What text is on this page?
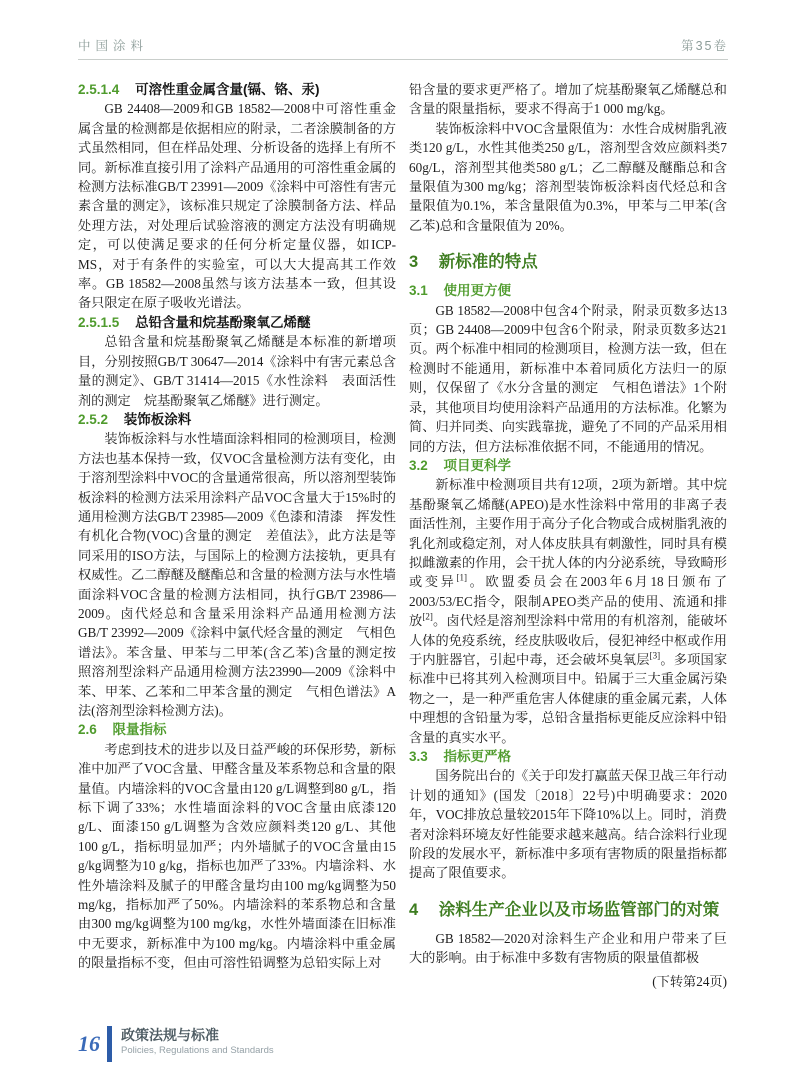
中国涂料	第35卷
2.5.1.4 可溶性重金属含量(镉、铬、汞)

GB 24408—2009和GB 18582—2008中可溶性重金属含量的检测都是依据相应的附录，二者涂膜制备的方式虽然相同，但在样品处理、分析设备的选择上有所不同。新标准直接引用了涂料产品通用的可溶性重金属的检测方法标准GB/T 23991—2009《涂料中可溶性有害元素含量的测定》，该标准只规定了涂膜制备方法、样品处理方法，对处理后试验溶液的测定方法没有明确规定，可以使满足要求的任何分析定量仪器，如ICP-MS，对于有条件的实验室，可以大大提高其工作效率。GB 18582—2008虽然与该方法基本一致，但其设备只限定在原子吸收光谱法。

2.5.1.5 总铅含量和烷基酚聚氧乙烯醚

总铅含量和烷基酚聚氧乙烯醚是本标准的新增项目，分别按照GB/T 30647—2014《涂料中有害元素总含量的测定》、GB/T 31414—2015《水性涂料　表面活性剂的测定　烷基酚聚氧乙烯醚》进行测定。

2.5.2 装饰板涂料

装饰板涂料与水性墙面涂料相同的检测项目，检测方法也基本保持一致，仅VOC含量检测方法有变化，由于溶剂型涂料中VOC的含量通常很高，所以溶剂型装饰板涂料的检测方法采用涂料产品VOC含量大于15%时的通用检测方法GB/T 23985—2009《色漆和清漆　挥发性有机化合物(VOC)含量的测定　差值法》，此方法是等同采用的ISO方法，与国际上的检测方法接轨，更具有权威性。乙二醇醚及醚酯总和含量的检测方法与水性墙面涂料VOC含量的检测方法相同，执行GB/T 23986—2009。卤代烃总和含量采用涂料产品通用检测方法GB/T 23992—2009《涂料中氯代烃含量的测定　气相色谱法》。苯含量、甲苯与二甲苯(含乙苯)含量的测定按照溶剂型涂料产品通用检测方法23990—2009《涂料中苯、甲苯、乙苯和二甲苯含量的测定　气相色谱法》A法(溶剂型涂料检测方法)。

2.6 限量指标

考虑到技术的进步以及日益严峻的环保形势，新标准中加严了VOC含量、甲醛含量及苯系物总和含量的限量值。内墙涂料的VOC含量由120 g/L调整到80 g/L，指标下调了33%；水性墙面涂料的VOC含量由底漆120 g/L、面漆150 g/L调整为含效应颜料类120 g/L、其他100 g/L，指标明显加严；内外墙腻子的VOC含量由15 g/kg调整为10 g/kg，指标也加严了33%。内墙涂料、水性外墙涂料及腻子的甲醛含量均由100 mg/kg调整为50 mg/kg，指标加严了50%。内墙涂料的苯系物总和含量由300 mg/kg调整为100 mg/kg，水性外墙面漆在旧标准中无要求，新标准中为100 mg/kg。内墙涂料中重金属的限量指标不变，但由可溶性铅调整为总铅实际上对

铅含量的要求更严格了。增加了烷基酚聚氧乙烯醚总和含量的限量指标，要求不得高于1 000 mg/kg。

装饰板涂料中VOC含量限值为：水性合成树脂乳液类120 g/L，水性其他类250 g/L，溶剂型含效应颜料类7 60g/L，溶剂型其他类580 g/L；乙二醇醚及醚酯总和含量限值为300 mg/kg；溶剂型装饰板涂料卤代烃总和含量限值为0.1%，苯含量限值为0.3%，甲苯与二甲苯(含乙苯)总和含量限值为 20%。

3 新标准的特点
3.1 使用更方便

GB 18582—2008中包含4个附录，附录页数多达13页；GB 24408—2009中包含6个附录，附录页数多达21页。两个标准中相同的检测项目，检测方法一致，但在检测时不能通用，新标准中本着同质化方法归一的原则，仅保留了《水分含量的测定　气相色谱法》1个附录，其他项目均使用涂料产品通用的方法标准。化繁为简、归并同类、向实践靠拢，避免了不同的产品采用相同的方法，但方法标准依据不同，不能通用的情况。

3.2 项目更科学

新标准中检测项目共有12项，2项为新增。其中烷基酚聚氧乙烯醚(APEO)是水性涂料中常用的非离子表面活性剂，主要作用于高分子化合物或合成树脂乳液的乳化剂或稳定剂，对人体皮肤具有刺激性，同时具有模拟雌激素的作用，会干扰人体的内分泌系统，导致畸形或变异[1]。欧盟委员会在2003年6月18日颁布了2003/53/EC指令，限制APEO类产品的使用、流通和排放[2]。卤代烃是溶剂型涂料中常用的有机溶剂，能破坏人体的免疫系统，经皮肤吸收后，侵犯神经中枢或作用于内脏器官，引起中毒，还会破坏臭氧层[3]。多项国家标准中已将其列入检测项目中。铅属于三大重金属污染物之一，是一种严重危害人体健康的重金属元素，人体中理想的含铅量为零，总铅含量指标更能反应涂料中铅含量的真实水平。

3.3 指标更严格

国务院出台的《关于印发打赢蓝天保卫战三年行动计划的通知》(国发〔2018〕22号)中明确要求：2020年，VOC排放总量较2015年下降10%以上。同时，消费者对涂料环境友好性能要求越来越高。结合涂料行业现阶段的发展水平，新标准中多项有害物质的限量指标都提高了限值要求。

4 涂料生产企业以及市场监管部门的对策

GB 18582—2020对涂料生产企业和用户带来了巨大的影响。由于标准中多数有害物质的限量值都极

(下转第24页)

16 政策法规与标准
Policies, Regulations and Standards
